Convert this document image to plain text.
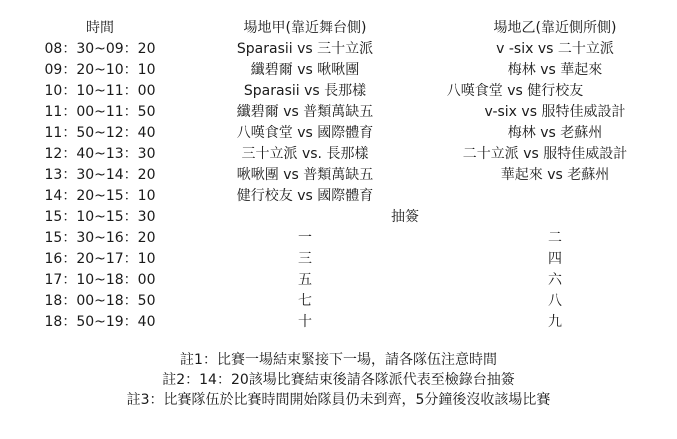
時間	場地甲(靠近舞台側)	場地乙(靠近側所側)
08：30~09：20	Sparasii vs 三十立派	v -six vs 二十立派
09：20~10：10	纖碧爾 vs 啾啾團	梅林 vs 華起來
10：10~11：00	Sparasii vs 長那樣	八嘆食堂 vs 健行校友
11：00~11：50	纖碧爾 vs 普類萬缺五	v-six vs 服特佳威設計
11：50~12：40	八嘆食堂 vs 國際體育	梅林 vs 老蘇州
12：40~13：30	三十立派 vs. 長那樣	二十立派 vs 服特佳威設計
13：30~14：20	啾啾團 vs 普類萬缺五	華起來 vs 老蘇州
14：20~15：10	健行校友 vs 國際體育
15：10~15：30	抽簽
15：30~16：20	一	二
16：20~17：10	三	四
17：10~18：00	五	六
18：00~18：50	七	八
18：50~19：40	十	九
註1：比賽一場結束緊接下一場，請各隊伍注意時間
註2：14：20該場比賽結束後請各隊派代表至檢錄台抽簽
註3：比賽隊伍於比賽時間開始隊員仍未到齊，5分鐘後沒收該場比賽
